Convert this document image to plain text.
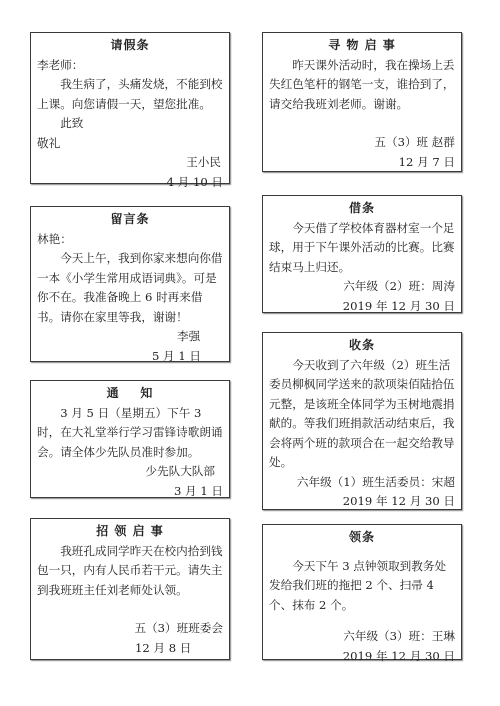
请假条

李老师：

我生病了，头痛发烧，不能到校上课。向您请假一天，望您批准。

此致

敬礼

王小民

4 月 10 日

寻 物 启 事

昨天课外活动时，我在操场上丢失红色笔杆的钢笔一支，谁拾到了，请交给我班刘老师。谢谢。

五（3）班 赵群

12 月 7 日

留言条

林艳：

今天上午，我到你家来想向你借一本《小学生常用成语词典》。可是你不在。我准备晚上 6 时再来借书。请你在家里等我，谢谢！

李强

5 月 1 日

借条

今天借了学校体育器材室一个足球，用于下午课外活动的比赛。比赛结束马上归还。

六年级（2）班：周涛

2019 年 12 月 30 日

通    知

3 月 5 日（星期五）下午 3 时，在大礼堂举行学习雷锋诗歌朗诵会。请全体少先队员准时参加。

少先队大队部

3 月 1 日

收条

今天收到了六年级（2）班生活委员柳枫同学送来的款项柒佰陆拾伍元整，是该班全体同学为玉树地震捐献的。等我们班捐款活动结束后，我会将两个班的款项合在一起交给教导处。

六年级（1）班生活委员：宋超

2019 年 12 月 30 日

招 领 启 事

我班孔成同学昨天在校内拾到钱包一只，内有人民币若干元。请失主到我班班主任刘老师处认领。

五（3）班班委会

12 月 8 日

领条

今天下午 3 点钟领取到教务处发给我们班的拖把 2 个、扫帚 4 个、抹布 2 个。

六年级（3）班：王琳

2019 年 12 月 30 日
